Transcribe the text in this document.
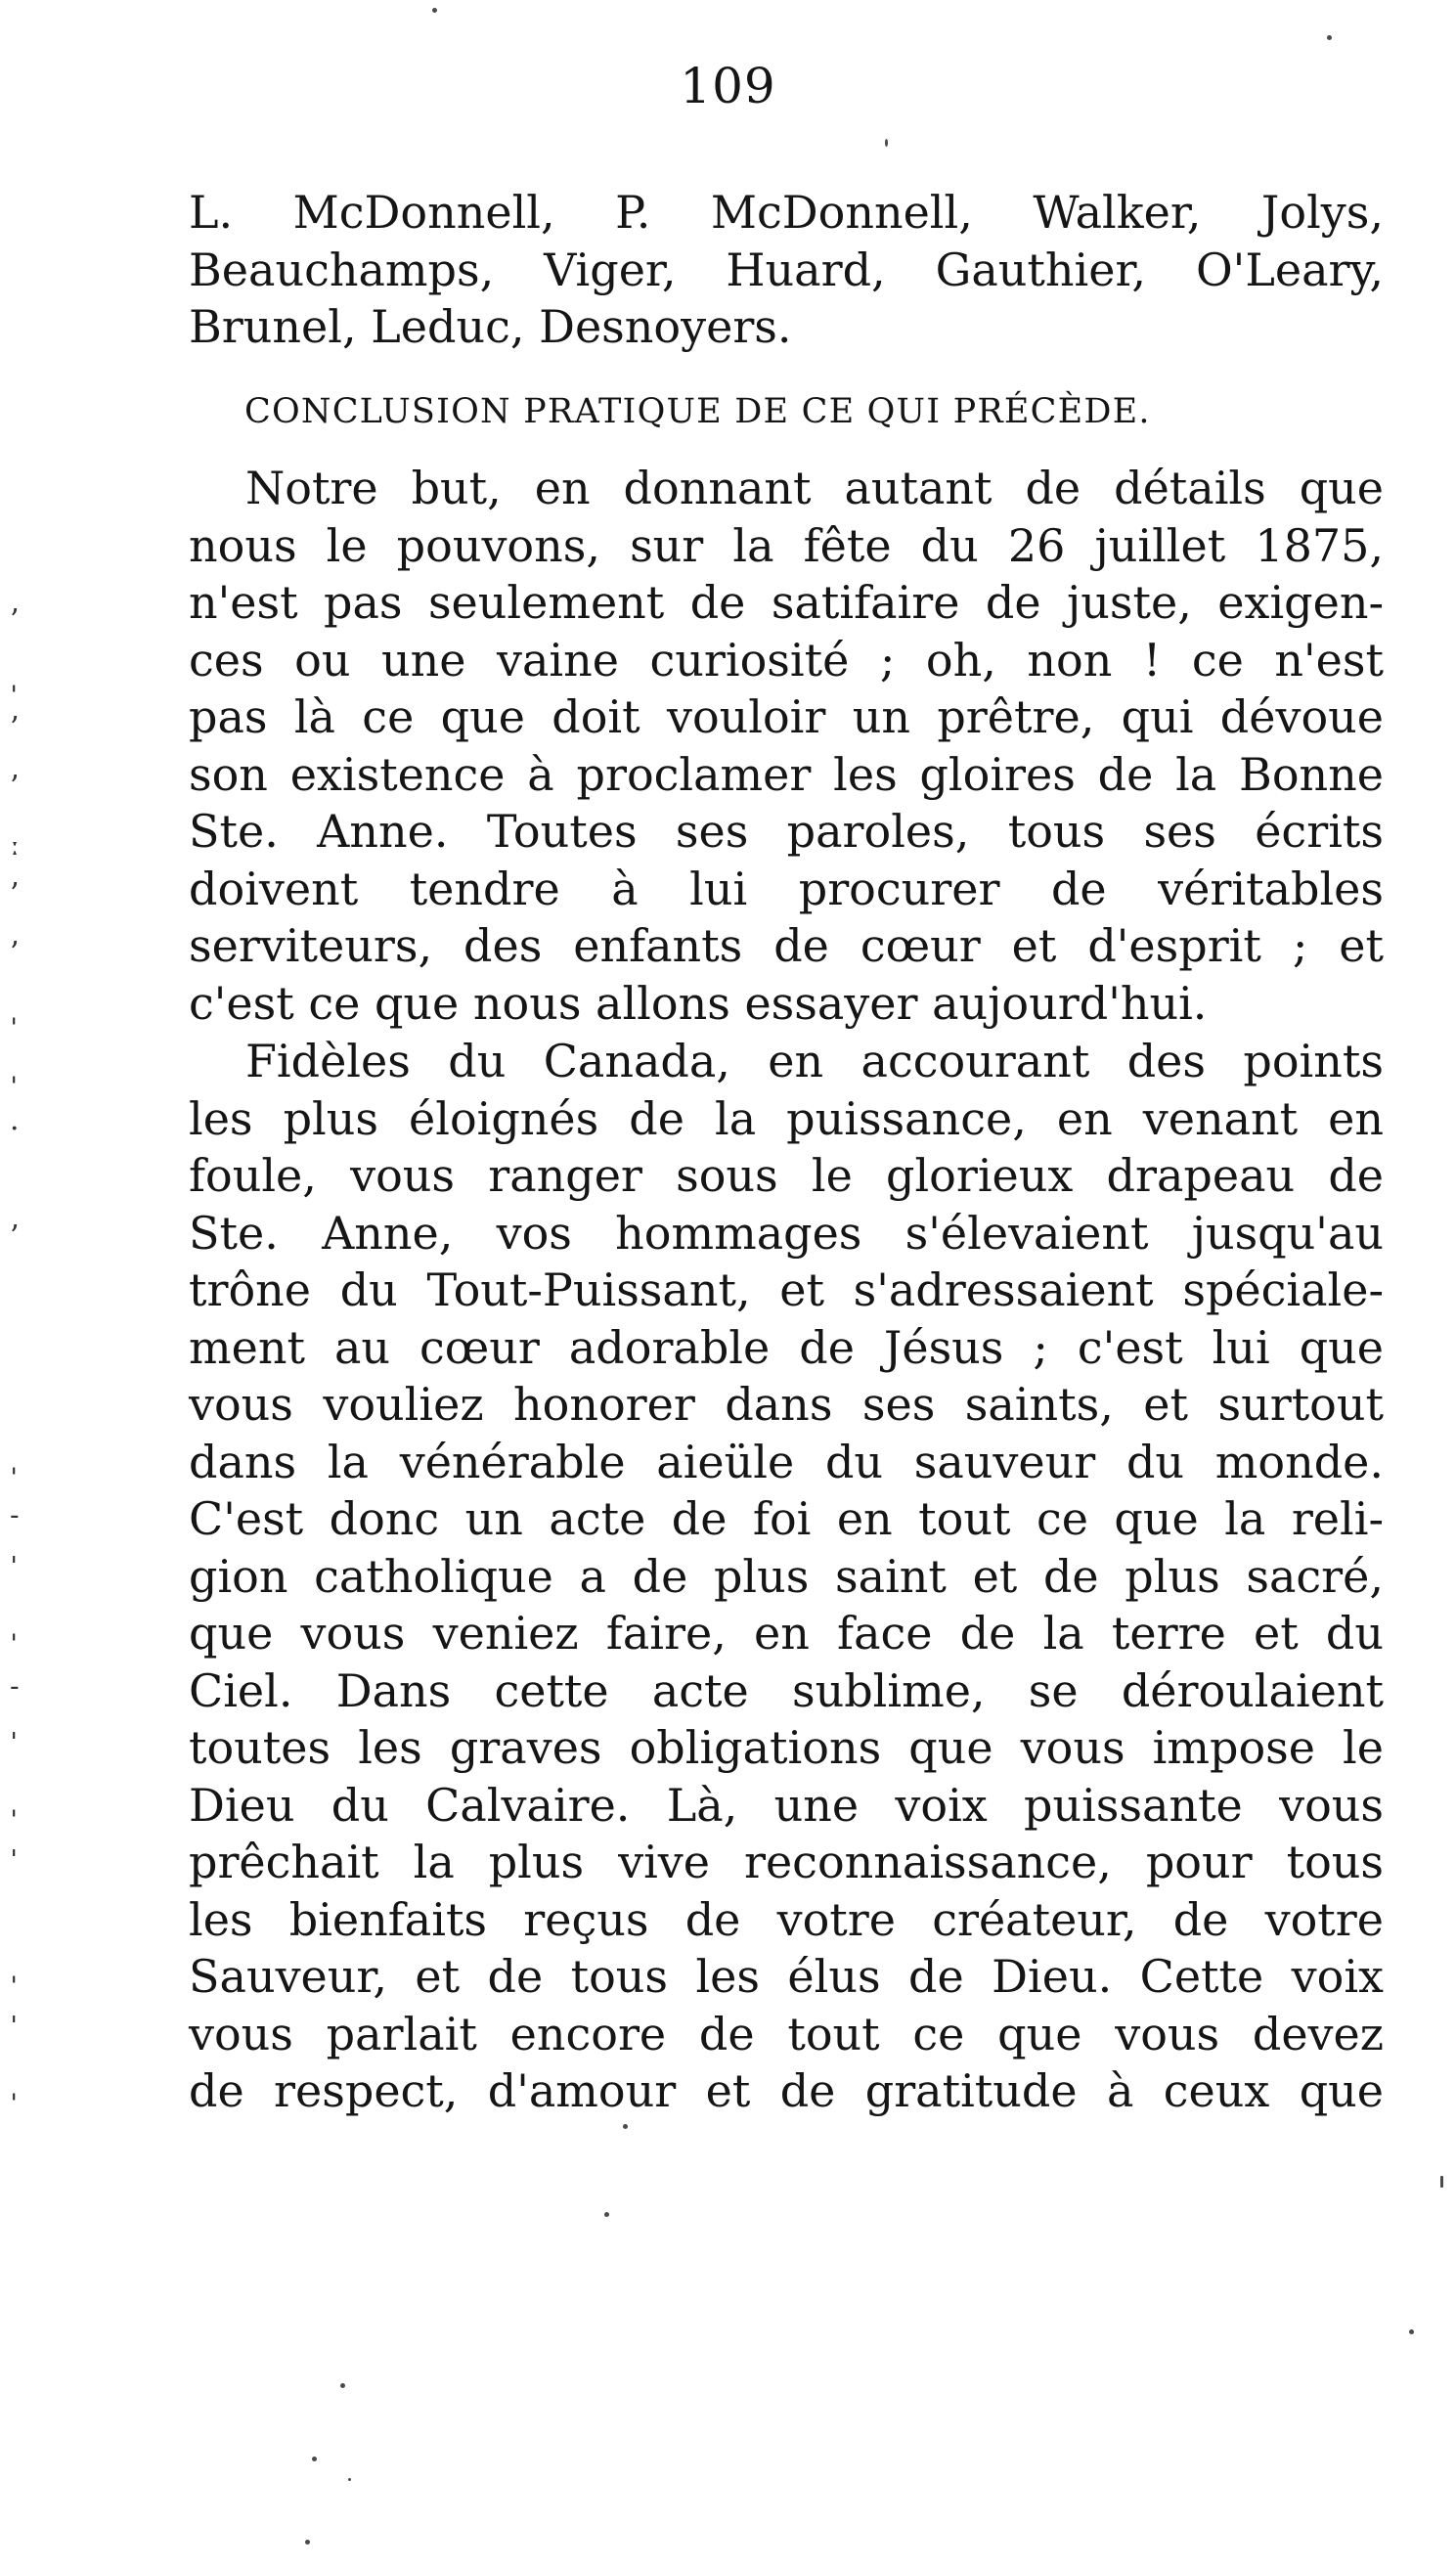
109
L. McDonnell, P. McDonnell, Walker, Jolys,
Beauchamps, Viger, Huard, Gauthier, O'Leary,
Brunel, Leduc, Desnoyers.
CONCLUSION PRATIQUE DE CE QUI PRÉCÈDE.
Notre but, en donnant autant de détails que
nous le pouvons, sur la fête du 26 juillet 1875,
n'est pas seulement de satifaire de juste, exigen-
ces ou une vaine curiosité ; oh, non ! ce n'est
pas là ce que doit vouloir un prêtre, qui dévoue
son existence à proclamer les gloires de la Bonne
Ste. Anne. Toutes ses paroles, tous ses écrits
doivent tendre à lui procurer de véritables
serviteurs, des enfants de cœur et d'esprit ; et
c'est ce que nous allons essayer aujourd'hui.
Fidèles du Canada, en accourant des points
les plus éloignés de la puissance, en venant en
foule, vous ranger sous le glorieux drapeau de
Ste. Anne, vos hommages s'élevaient jusqu'au
trône du Tout-Puissant, et s'adressaient spéciale-
ment au cœur adorable de Jésus ; c'est lui que
vous vouliez honorer dans ses saints, et surtout
dans la vénérable aieüle du sauveur du monde.
C'est donc un acte de foi en tout ce que la reli-
gion catholique a de plus saint et de plus sacré,
que vous veniez faire, en face de la terre et du
Ciel. Dans cette acte sublime, se déroulaient
toutes les graves obligations que vous impose le
Dieu du Calvaire. Là, une voix puissante vous
prêchait la plus vive reconnaissance, pour tous
les bienfaits reçus de votre créateur, de votre
Sauveur, et de tous les élus de Dieu. Cette voix
vous parlait encore de tout ce que vous devez
de respect, d'amour et de gratitude à ceux que
’
ˌ
’
’
ː
’
’
ˌ
ˌ
·
’
ˌ
˗
ˈ
ˌ
˗
ˈ
ˌ
ˈ
ˌ
ˈ
ˌ
